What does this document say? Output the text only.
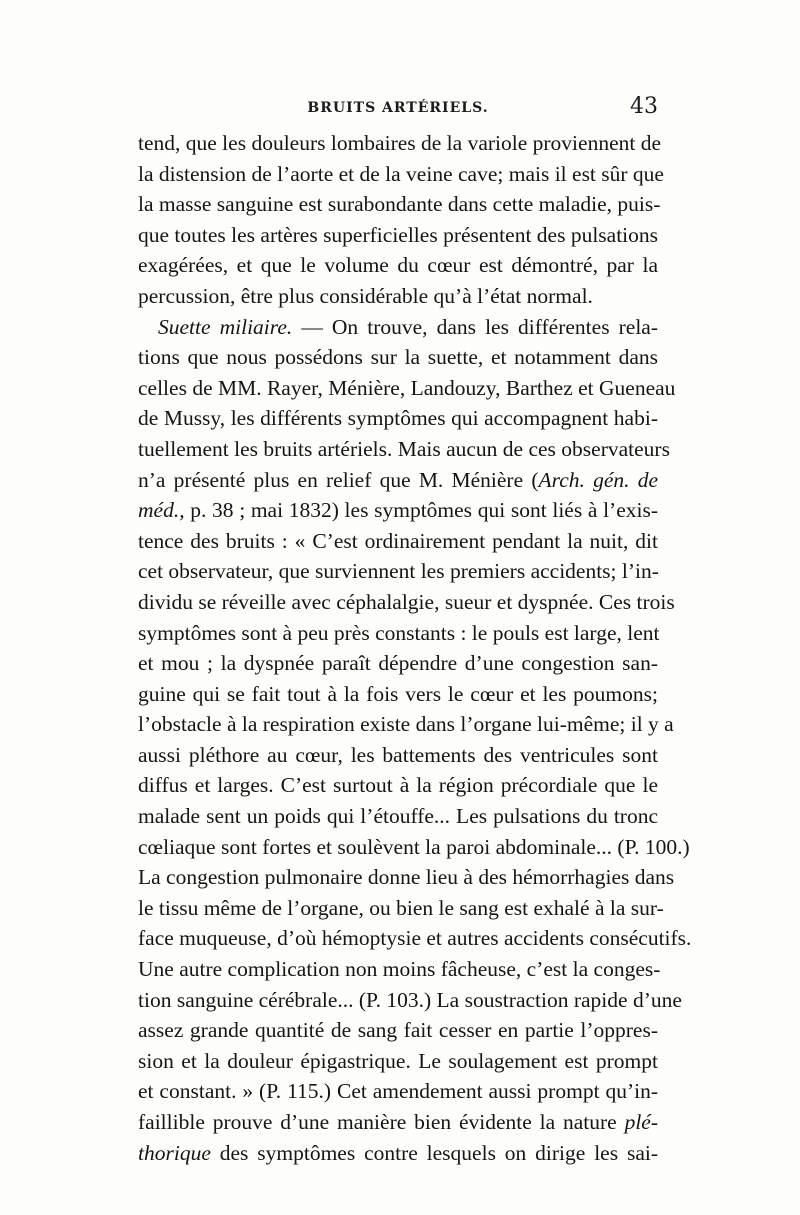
BRUITS ARTÉRIELS.	43
tend, que les douleurs lombaires de la variole proviennent de
la distension de l’aorte et de la veine cave; mais il est sûr que
la masse sanguine est surabondante dans cette maladie, puis-
que toutes les artères superficielles présentent des pulsations
exagérées, et que le volume du cœur est démontré, par la
percussion, être plus considérable qu’à l’état normal.
Suette miliaire. — On trouve, dans les différentes rela-
tions que nous possédons sur la suette, et notamment dans
celles de MM. Rayer, Ménière, Landouzy, Barthez et Gueneau
de Mussy, les différents symptômes qui accompagnent habi-
tuellement les bruits artériels. Mais aucun de ces observateurs
n’a présenté plus en relief que M. Ménière (Arch. gén. de
méd., p. 38 ; mai 1832) les symptômes qui sont liés à l’exis-
tence des bruits : « C’est ordinairement pendant la nuit, dit
cet observateur, que surviennent les premiers accidents; l’in-
dividu se réveille avec céphalalgie, sueur et dyspnée. Ces trois
symptômes sont à peu près constants : le pouls est large, lent
et mou ; la dyspnée paraît dépendre d’une congestion san-
guine qui se fait tout à la fois vers le cœur et les poumons;
l’obstacle à la respiration existe dans l’organe lui-même; il y a
aussi pléthore au cœur, les battements des ventricules sont
diffus et larges. C’est surtout à la région précordiale que le
malade sent un poids qui l’étouffe... Les pulsations du tronc
cœliaque sont fortes et soulèvent la paroi abdominale... (P. 100.)
La congestion pulmonaire donne lieu à des hémorrhagies dans
le tissu même de l’organe, ou bien le sang est exhalé à la sur-
face muqueuse, d’où hémoptysie et autres accidents consécutifs.
Une autre complication non moins fâcheuse, c’est la conges-
tion sanguine cérébrale... (P. 103.) La soustraction rapide d’une
assez grande quantité de sang fait cesser en partie l’oppres-
sion et la douleur épigastrique. Le soulagement est prompt
et constant. » (P. 115.) Cet amendement aussi prompt qu’in-
faillible prouve d’une manière bien évidente la nature plé-
thorique des symptômes contre lesquels on dirige les sai-
